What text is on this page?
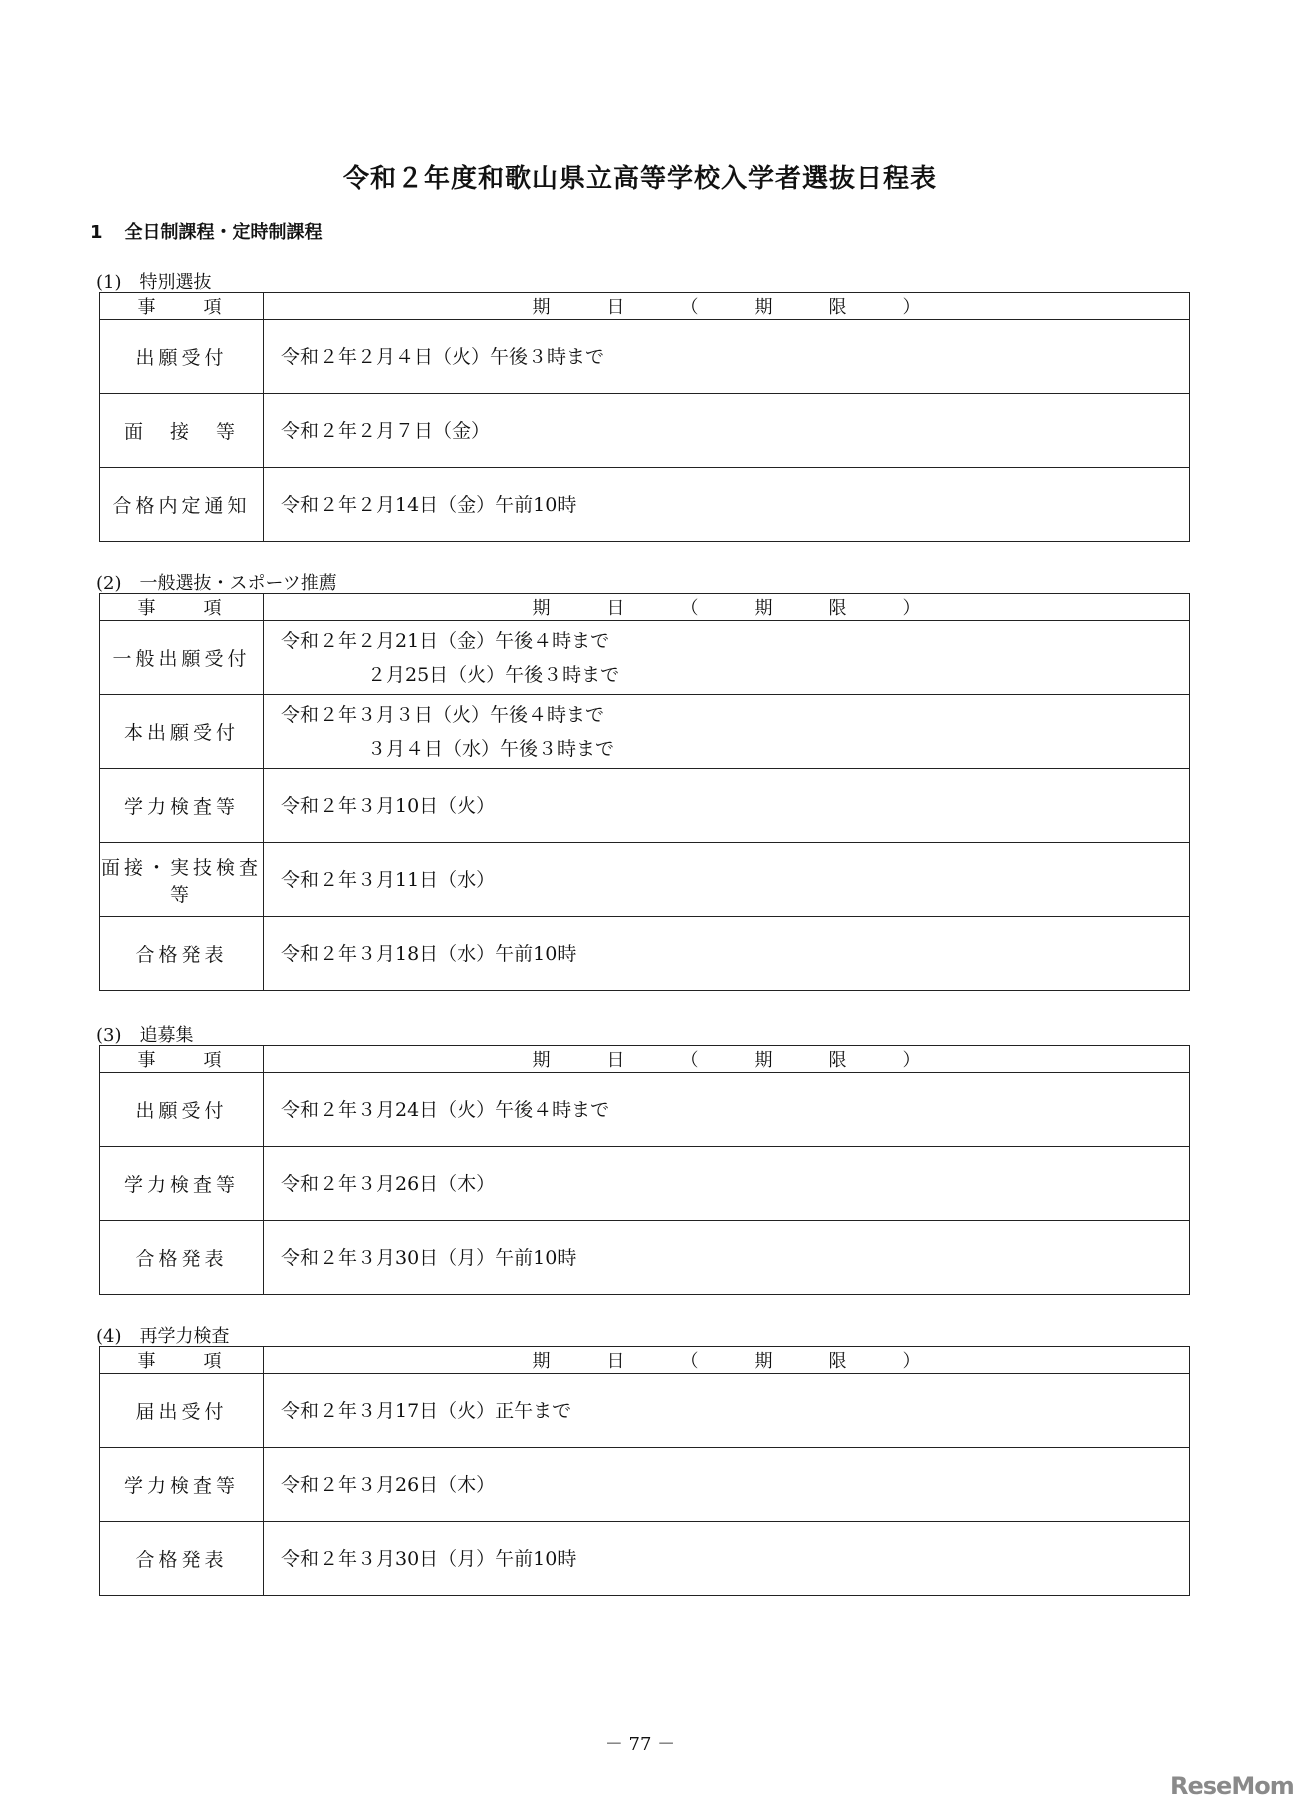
令和２年度和歌山県立高等学校入学者選抜日程表
1 全日制課程・定時制課程
(1) 特別選抜
事　　項	期 日 （ 期 限 ）
出願受付	令和２年２月４日（火）午後３時まで

面　接　等	令和２年２月７日（金）

合格内定通知	令和２年２月14日（金）午前10時
(2) 一般選抜・スポーツ推薦
事　　項	期 日 （ 期 限 ）
一般出願受付	令和２年２月21日（金）午後４時まで
２月25日（火）午後３時まで

本出願受付	令和２年３月３日（火）午後４時まで
３月４日（水）午後３時まで

学力検査等	令和２年３月10日（火）

面接・実技検査等	令和２年３月11日（水）

合格発表	令和２年３月18日（水）午前10時
(3) 追募集
事　　項	期 日 （ 期 限 ）
出願受付	令和２年３月24日（火）午後４時まで

学力検査等	令和２年３月26日（木）

合格発表	令和２年３月30日（月）午前10時
(4) 再学力検査
事　　項	期 日 （ 期 限 ）
届出受付	令和２年３月17日（火）正午まで

学力検査等	令和２年３月26日（木）

合格発表	令和２年３月30日（月）午前10時
－ 77 －
ReseMom
